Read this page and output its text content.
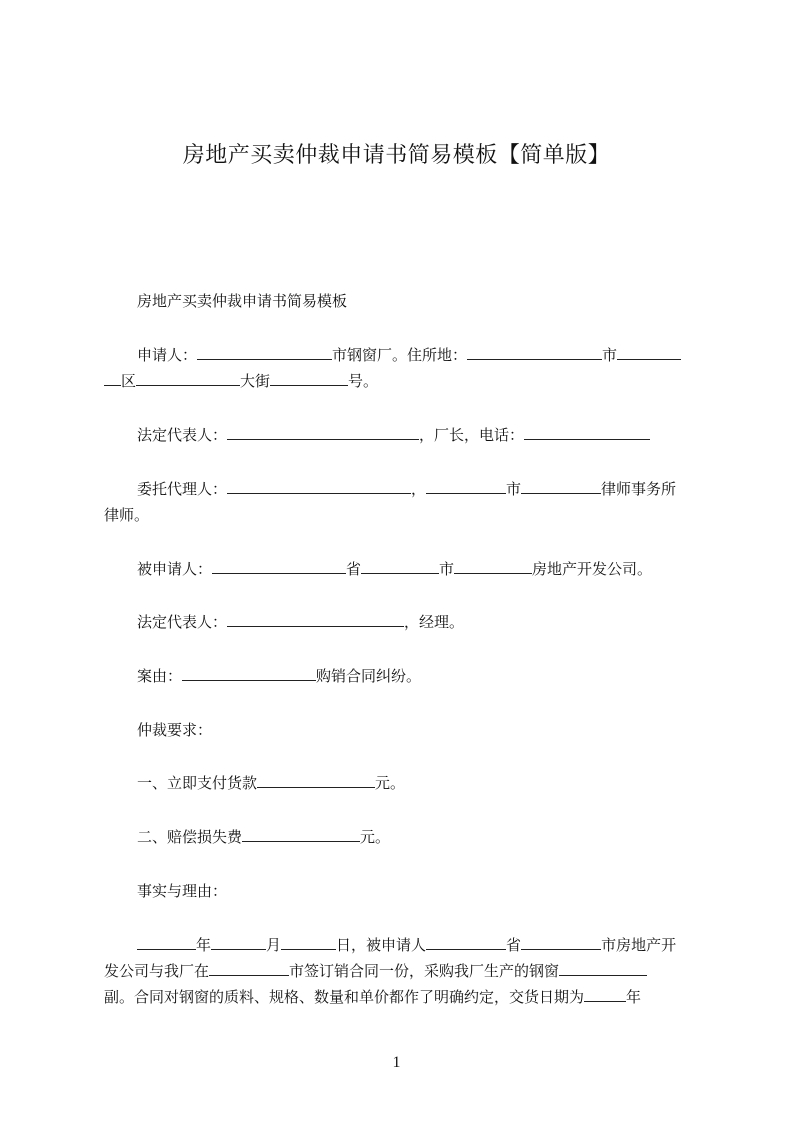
房地产买卖仲裁申请书简易模板【简单版】
房地产买卖仲裁申请书简易模板
申请人：	市钢窗厂。住所地：	市
区	大街	号。
法定代表人：	，厂长，电话：
委托代理人：	，	市	律师事务所
律师。
被申请人：	省	市	房地产开发公司。
法定代表人：	，经理。
案由：	购销合同纠纷。
仲裁要求：
一、立即支付货款	元。
二、赔偿损失费	元。
事实与理由：
年	月	日，被申请人	省	市房地产开
发公司与我厂在	市签订销合同一份，采购我厂生产的钢窗
副。合同对钢窗的质料、规格、数量和单价都作了明确约定，交货日期为	年
1
